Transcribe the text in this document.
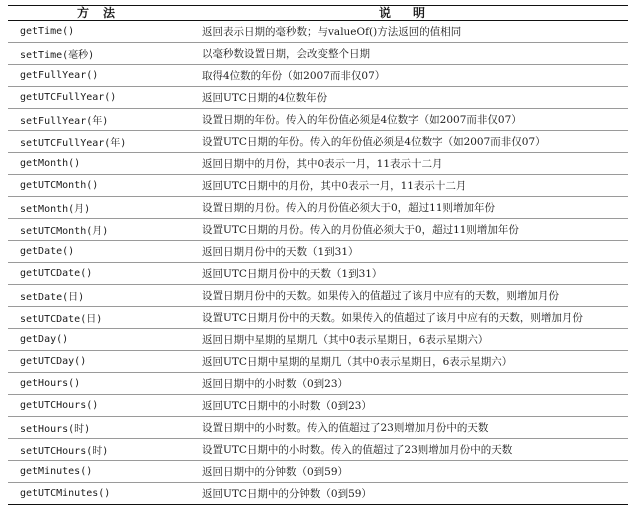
方法	说明
getTime()	返回表示日期的毫秒数；与valueOf()方法返回的值相同
setTime(毫秒)	以毫秒数设置日期，会改变整个日期
getFullYear()	取得4位数的年份（如2007而非仅07）
getUTCFullYear()	返回UTC日期的4位数年份
setFullYear(年)	设置日期的年份。传入的年份值必须是4位数字（如2007而非仅07）
setUTCFullYear(年)	设置UTC日期的年份。传入的年份值必须是4位数字（如2007而非仅07）
getMonth()	返回日期中的月份，其中0表示一月，11表示十二月
getUTCMonth()	返回UTC日期中的月份，其中0表示一月，11表示十二月
setMonth(月)	设置日期的月份。传入的月份值必须大于0，超过11则增加年份
setUTCMonth(月)	设置UTC日期的月份。传入的月份值必须大于0，超过11则增加年份
getDate()	返回日期月份中的天数（1到31）
getUTCDate()	返回UTC日期月份中的天数（1到31）
setDate(日)	设置日期月份中的天数。如果传入的值超过了该月中应有的天数，则增加月份
setUTCDate(日)	设置UTC日期月份中的天数。如果传入的值超过了该月中应有的天数，则增加月份
getDay()	返回日期中星期的星期几（其中0表示星期日，6表示星期六）
getUTCDay()	返回UTC日期中星期的星期几（其中0表示星期日，6表示星期六）
getHours()	返回日期中的小时数（0到23）
getUTCHours()	返回UTC日期中的小时数（0到23）
setHours(时)	设置日期中的小时数。传入的值超过了23则增加月份中的天数
setUTCHours(时)	设置UTC日期中的小时数。传入的值超过了23则增加月份中的天数
getMinutes()	返回日期中的分钟数（0到59）
getUTCMinutes()	返回UTC日期中的分钟数（0到59）
